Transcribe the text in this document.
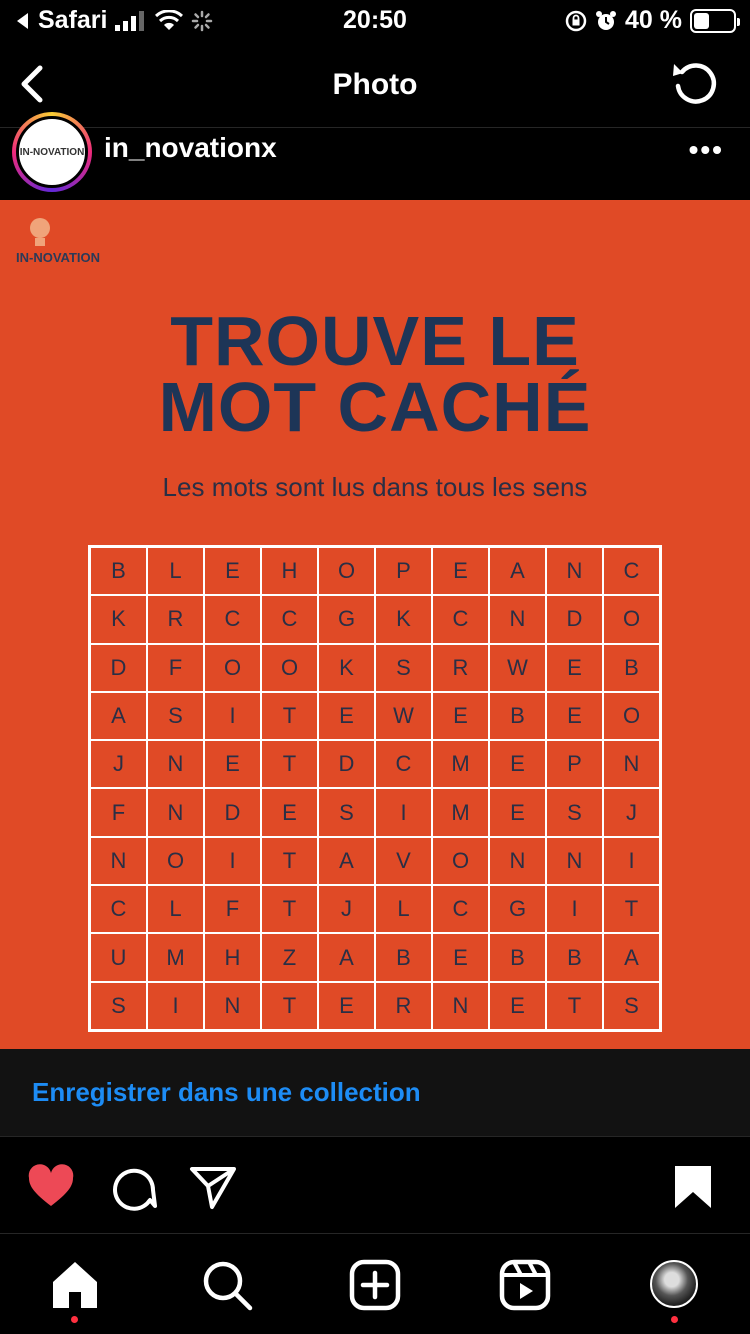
Safari	20:50	40 %
Photo
IN-NOVATION in_novationx	•••
IN-NOVATION
TROUVE LE
MOT CACHÉ
Les mots sont lus dans tous les sens
B	L	E	H	O	P	E	A	N	C
K	R	C	C	G	K	C	N	D	O
D	F	O	O	K	S	R	W	E	B
A	S	I	T	E	W	E	B	E	O
J	N	E	T	D	C	M	E	P	N
F	N	D	E	S	I	M	E	S	J
N	O	I	T	A	V	O	N	N	I
C	L	F	T	J	L	C	G	I	T
U	M	H	Z	A	B	E	B	B	A
S	I	N	T	E	R	N	E	T	S
Enregistrer dans une collection
